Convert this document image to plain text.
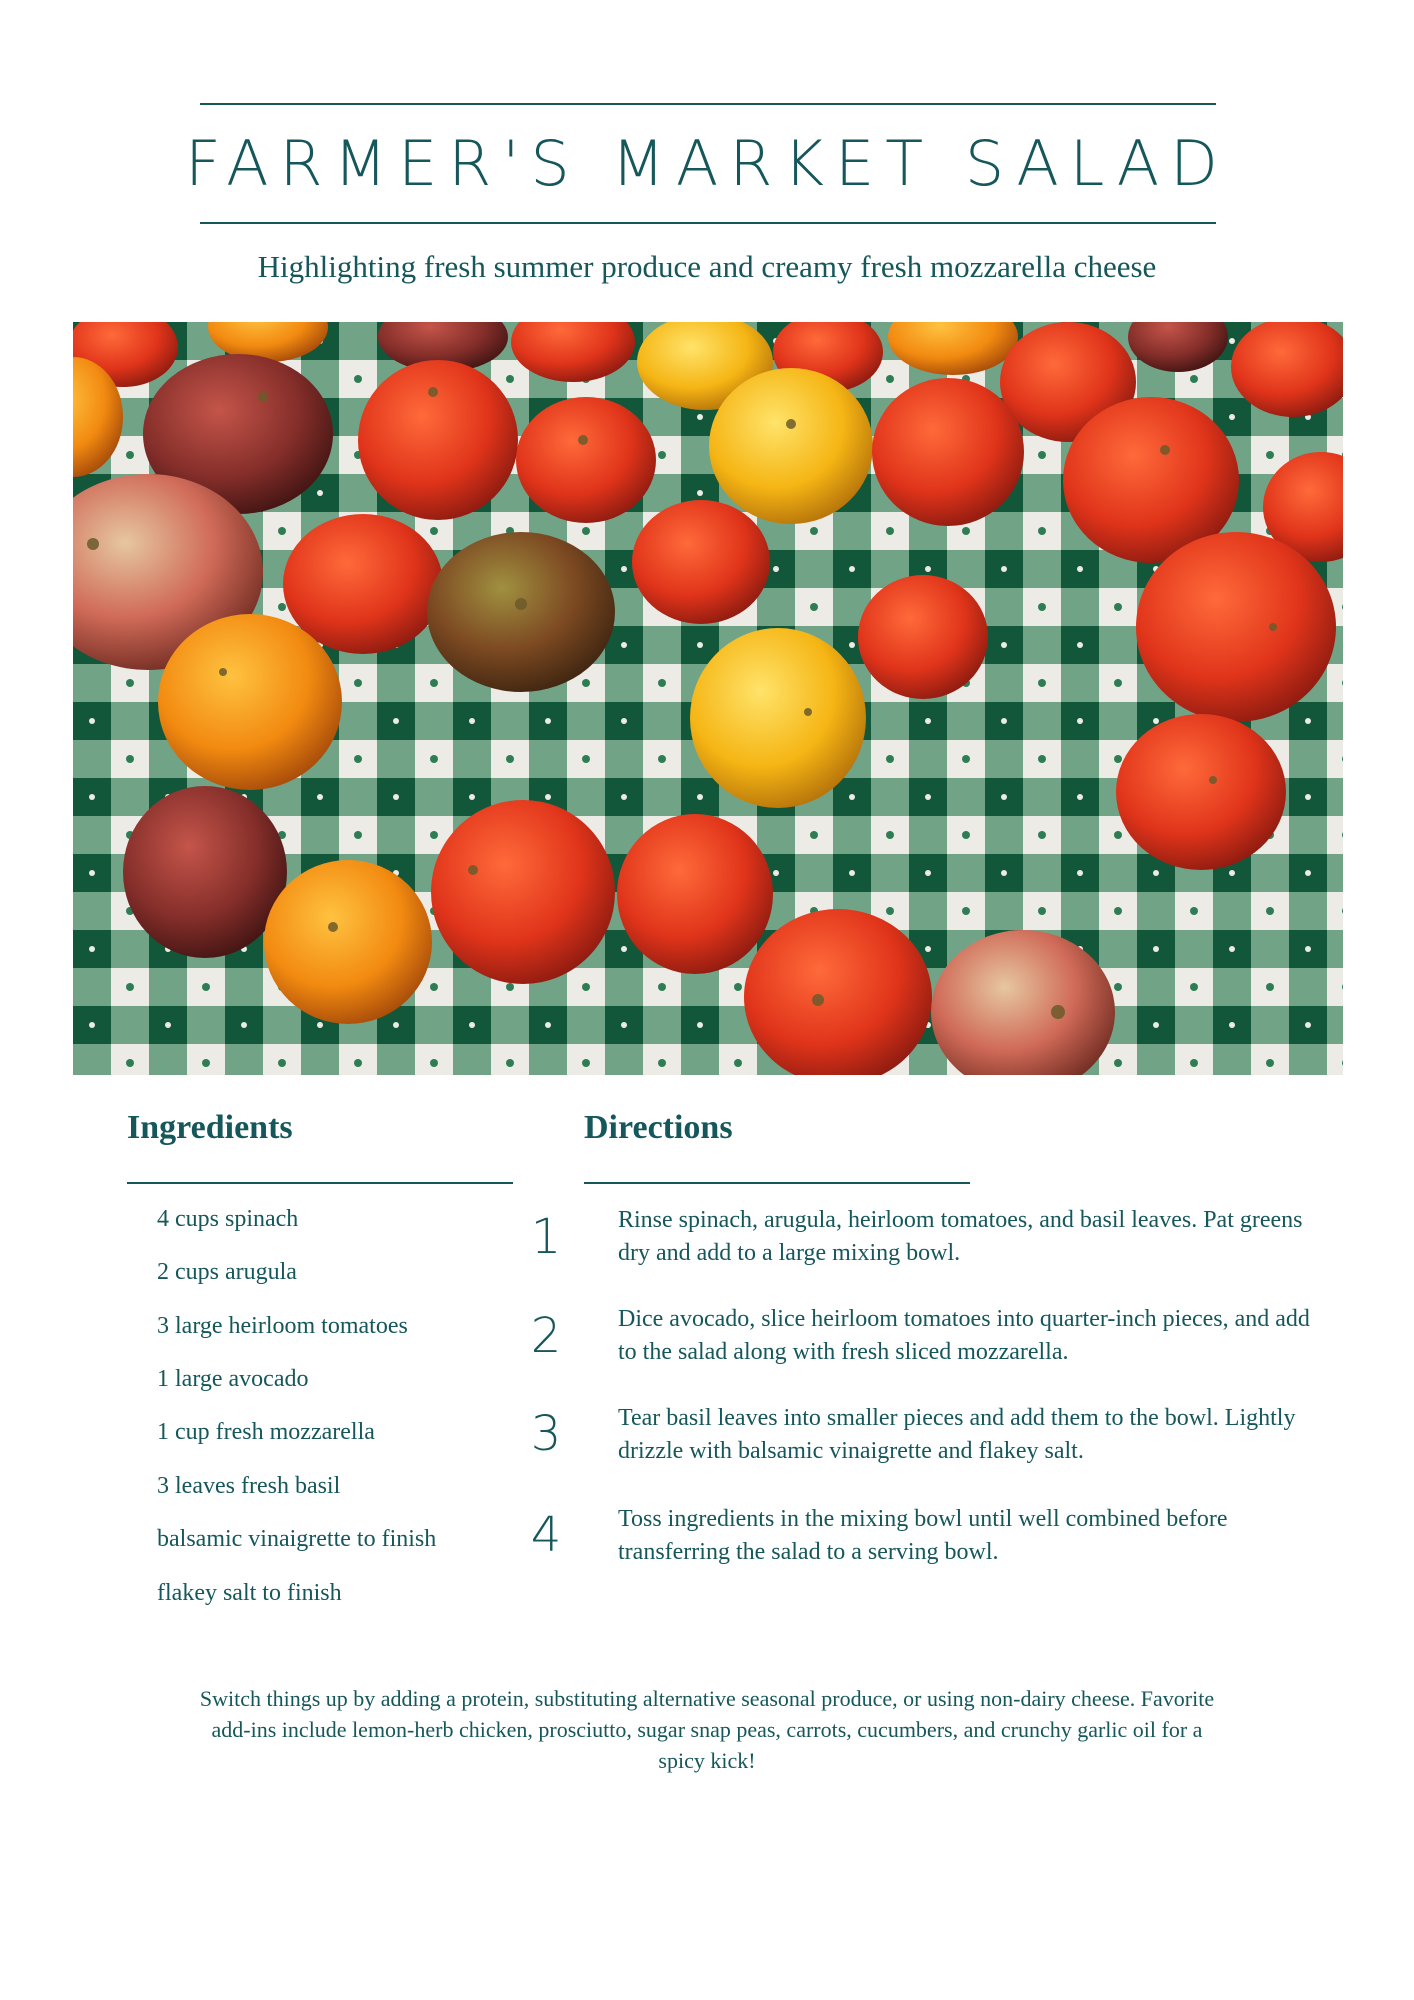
FARMER'S MARKET SALAD
Highlighting fresh summer produce and creamy fresh mozzarella cheese
Ingredients	Directions
4 cups spinach
2 cups arugula
3 large heirloom tomatoes
1 large avocado
1 cup fresh mozzarella
3 leaves fresh basil
balsamic vinaigrette to finish
flakey salt to finish
1	Rinse spinach, arugula, heirloom tomatoes, and basil leaves. Pat greens dry and add to a large mixing bowl.
2	Dice avocado, slice heirloom tomatoes into quarter-inch pieces, and add to the salad along with fresh sliced mozzarella.
3	Tear basil leaves into smaller pieces and add them to the bowl. Lightly drizzle with balsamic vinaigrette and flakey salt.
4	Toss ingredients in the mixing bowl until well combined before transferring the salad to a serving bowl.
Switch things up by adding a protein, substituting alternative seasonal produce, or using non-dairy cheese. Favorite add-ins include lemon-herb chicken, prosciutto, sugar snap peas, carrots, cucumbers, and crunchy garlic oil for a spicy kick!
